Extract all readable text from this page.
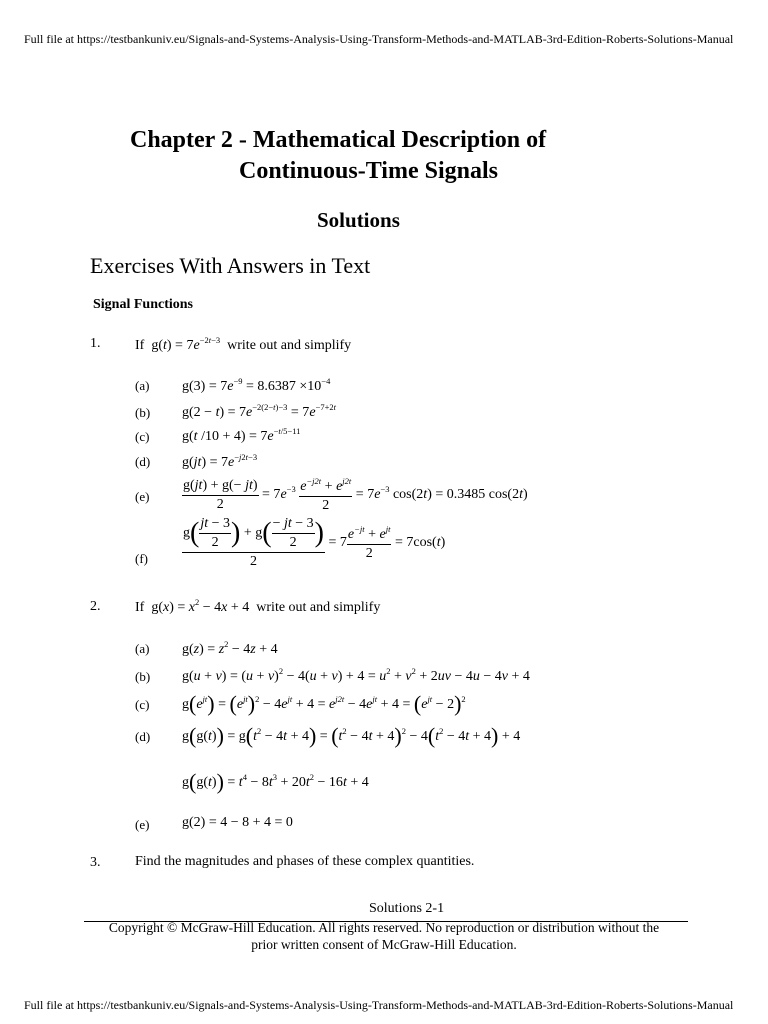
Full file at https://testbankuniv.eu/Signals-and-Systems-Analysis-Using-Transform-Methods-and-MATLAB-3rd-Edition-Roberts-Solutions-Manual
Chapter 2 - Mathematical Description of
Continuous-Time Signals
Solutions
Exercises With Answers in Text
Signal Functions
1. If $g(t) = 7e^{-2t-3}$ write out and simplify
(a) $g(3) = 7e^{-9} = 8.6387 \times 10^{-4}$
(b) $g(2 - t) = 7e^{-2(2-t)-3} = 7e^{-7+2t}$
(c) g(t $/10 + 4) = 7e^{-t/5-11}$
(d) $g(jt) = 7e^{-j2t-3}$
$(e) \frac{g(jt) + g(- jt)}{2} = 7e^{-3} \frac{e^{-j2t} + e^{j2t}}{2} = 7e^{-3}$ cos(2t) = 0.3485 cos(2t)
$(f) \frac{g( \frac{jt - 3}{2} ) + g( \frac{- jt - 3}{2} )}{2} = 7 \frac{e^{-jt} + e^{jt}}{2} = 7\cos(t)$
2. If $g(x) = x^2 - 4x + 4$ write out and simplify
(a) $g(z) = z^2 - 4z + 4$
(b) $g(u + v) = (u + v)^2 - 4(u + v) + 4 = u^2 + v^2 + 2uv - 4u - 4v + 4$
(c) $g(e^{jt}) = (e^{jt})^2 - 4e^{jt} + 4 = e^{j2t} - 4e^{jt} + 4 = (e^{jt} - 2)^2$
(d) $g(g(t)) = g(t^2 - 4t + 4) = (t^2 - 4t + 4)^2 - 4(t^2 - 4t + 4) + 4$
$g(g(t)) = t^4 - 8t^3 + 20t^2 - 16t + 4$
(e) g(2) = 4 − 8 + 4 = 0
3. Find the magnitudes and phases of these complex quantities.
Solutions 2-1
Copyright © McGraw-Hill Education. All rights reserved. No reproduction or distribution without the
prior written consent of McGraw-Hill Education.
Full file at https://testbankuniv.eu/Signals-and-Systems-Analysis-Using-Transform-Methods-and-MATLAB-3rd-Edition-Roberts-Solutions-Manual
